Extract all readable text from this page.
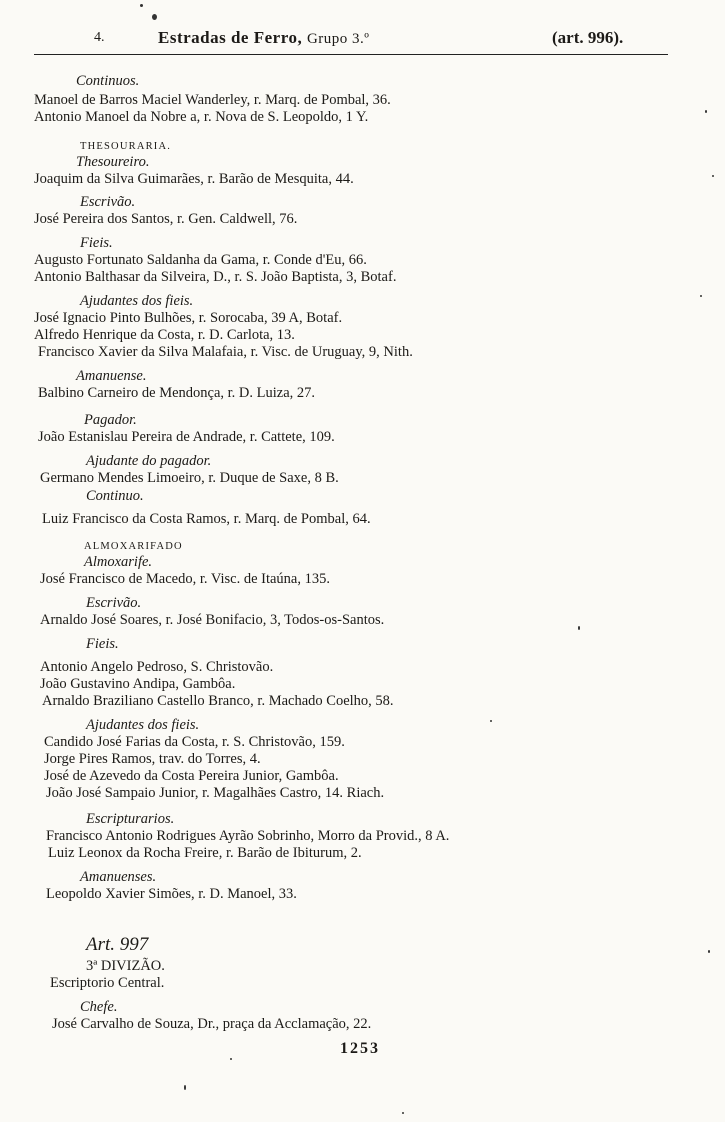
4.	Estradas de Ferro, Grupo 3.º	(art. 996).
Continuos.
Manoel de Barros Maciel Wanderley, r. Marq. de Pombal, 36.
Antonio Manoel da Nobre a, r. Nova de S. Leopoldo, 1 Y.
THESOURARIA.
Thesoureiro.
Joaquim da Silva Guimarães, r. Barão de Mesquita, 44.
Escrivão.
José Pereira dos Santos, r. Gen. Caldwell, 76.
Fieis.
Augusto Fortunato Saldanha da Gama, r. Conde d'Eu, 66.
Antonio Balthasar da Silveira, D., r. S. João Baptista, 3, Botaf.
Ajudantes dos fieis.
José Ignacio Pinto Bulhões, r. Sorocaba, 39 A, Botaf.
Alfredo Henrique da Costa, r. D. Carlota, 13.
Francisco Xavier da Silva Malafaia, r. Visc. de Uruguay, 9, Nith.
Amanuense.
Balbino Carneiro de Mendonça, r. D. Luiza, 27.
Pagador.
João Estanislau Pereira de Andrade, r. Cattete, 109.
Ajudante do pagador.
Germano Mendes Limoeiro, r. Duque de Saxe, 8 B.
Continuo.
Luiz Francisco da Costa Ramos, r. Marq. de Pombal, 64.
ALMOXARIFADO
Almoxarife.
José Francisco de Macedo, r. Visc. de Itaúna, 135.
Escrivão.
Arnaldo José Soares, r. José Bonifacio, 3, Todos-os-Santos.
Fieis.
Antonio Angelo Pedroso, S. Christovão.
João Gustavino Andipa, Gambôa.
Arnaldo Braziliano Castello Branco, r. Machado Coelho, 58.
Ajudantes dos fieis.
Candido José Farias da Costa, r. S. Christovão, 159.
Jorge Pires Ramos, trav. do Torres, 4.
José de Azevedo da Costa Pereira Junior, Gambôa.
João José Sampaio Junior, r. Magalhães Castro, 14. Riach.
Escripturarios.
Francisco Antonio Rodrigues Ayrão Sobrinho, Morro da Provid., 8 A.
Luiz Leonox da Rocha Freire, r. Barão de Ibiturum, 2.
Amanuenses.
Leopoldo Xavier Simões, r. D. Manoel, 33.
Art. 997
3ª DIVIZÃO.
Escriptorio Central.
Chefe.
José Carvalho de Souza, Dr., praça da Acclamação, 22.
1253
